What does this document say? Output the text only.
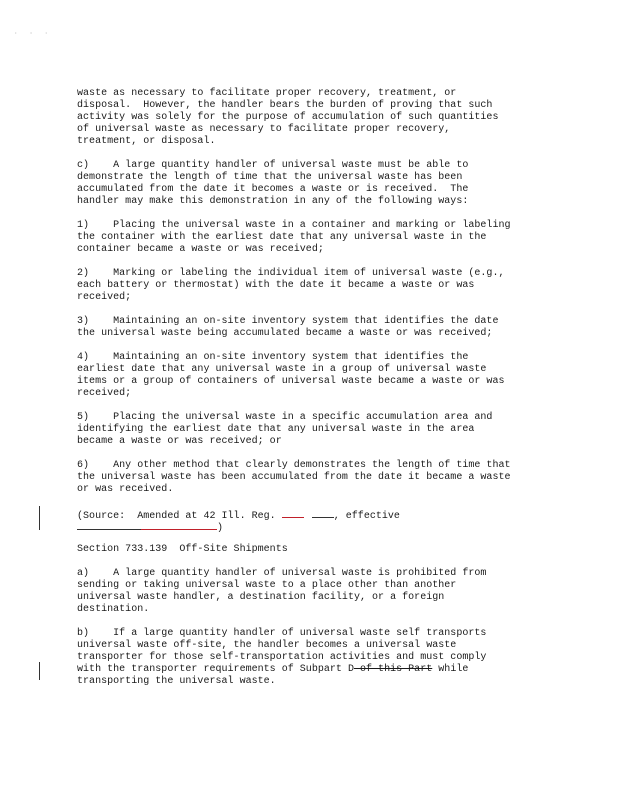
· · ·
waste as necessary to facilitate proper recovery, treatment, or
disposal.  However, the handler bears the burden of proving that such
activity was solely for the purpose of accumulation of such quantities
of universal waste as necessary to facilitate proper recovery,
treatment, or disposal.
c)    A large quantity handler of universal waste must be able to
demonstrate the length of time that the universal waste has been
accumulated from the date it becomes a waste or is received.  The
handler may make this demonstration in any of the following ways:
1)    Placing the universal waste in a container and marking or labeling
the container with the earliest date that any universal waste in the
container became a waste or was received;
2)    Marking or labeling the individual item of universal waste (e.g.,
each battery or thermostat) with the date it became a waste or was
received;
3)    Maintaining an on-site inventory system that identifies the date
the universal waste being accumulated became a waste or was received;
4)    Maintaining an on-site inventory system that identifies the
earliest date that any universal waste in a group of universal waste
items or a group of containers of universal waste became a waste or was
received;
5)    Placing the universal waste in a specific accumulation area and
identifying the earliest date that any universal waste in the area
became a waste or was received; or
6)    Any other method that clearly demonstrates the length of time that
the universal waste has been accumulated from the date it became a waste
or was received.
(Source:  Amended at 42 Ill. Reg.	, effective
)
Section 733.139  Off-Site Shipments
a)    A large quantity handler of universal waste is prohibited from
sending or taking universal waste to a place other than another
universal waste handler, a destination facility, or a foreign
destination.
b)    If a large quantity handler of universal waste self transports
universal waste off-site, the handler becomes a universal waste
transporter for those self-transportation activities and must comply
with the transporter requirements of Subpart D of this Part while
transporting the universal waste.
